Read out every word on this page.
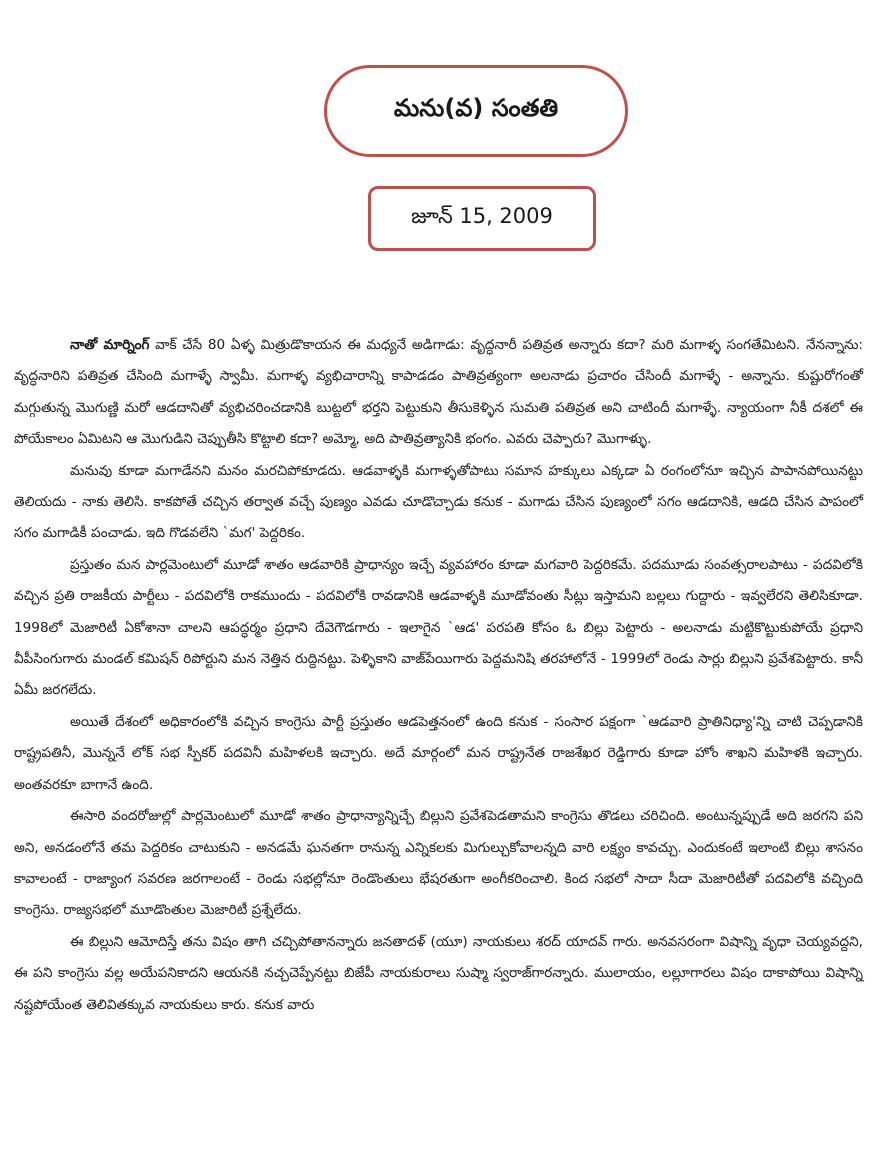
మను(వ) సంతతి
జూన్ 15, 2009

నాతో మార్నింగ్ వాక్ చేసే 80 ఏళ్ళ మిత్రుడొకాయన ఈ మధ్యనే అడిగాడు: వృద్ధనారీ పతివ్రత అన్నారు కదా? మరి మగాళ్ళ సంగతేమిటని. నేనన్నాను: వృద్ధనారిని పతివ్రత చేసింది మగాళ్ళే స్వామీ. మగాళ్ళ వ్యభిచారాన్ని కాపాడడం పాతివ్రత్యంగా అలనాడు ప్రచారం చేసిందీ మగాళ్ళే - అన్నాను. కుష్టురోగంతో మగ్గుతున్న మొగుణ్ణి మరో ఆడదానితో వ్యభిచరించడానికి బుట్టలో భర్తని పెట్టుకుని తీసుకెళ్ళిన సుమతి పతివ్రత అని చాటిందీ మగాళ్ళే. న్యాయంగా నీకీ దశలో ఈ పోయేకాలం ఏమిటని ఆ మొగుడిని చెప్పుతీసి కొట్టాలి కదా? అమ్మో, అది పాతివ్రత్యానికి భంగం. ఎవరు చెప్పారు? మొగాళ్ళు.

మనువు కూడా మగాడేనని మనం మరచిపోకూడదు. ఆడవాళ్ళకి మగాళ్ళతోపాటు సమాన హక్కులు ఎక్కడా ఏ రంగంలోనూ ఇచ్చిన పాపానపోయినట్టు తెలియదు - నాకు తెలిసి. కాకపోతే చచ్చిన తర్వాత వచ్చే పుణ్యం ఎవడు చూడొచ్చాడు కనుక - మగాడు చేసిన పుణ్యంలో సగం ఆడదానికి, ఆడది చేసిన పాపంలో సగం మగాడికీ పంచాడు. ఇది గొడవలేని `మగ' పెద్దరికం.

ప్రస్తుతం మన పార్లమెంటులో మూడో శాతం ఆడవారికి ప్రాధాన్యం ఇచ్చే వ్యవహారం కూడా మగవారి పెద్దరికమే. పదమూడు సంవత్సరాలపాటు - పదవిలోకి వచ్చిన ప్రతి రాజకీయ పార్టీలు - పదవిలోకి రాకముందు - పదవిలోకి రావడానికి ఆడవాళ్ళకి మూడోవంతు సీట్లు ఇస్తామని బల్లలు గుద్దారు - ఇవ్వలేరని తెలిసికూడా. 1998లో మెజారిటీ ఏకోశానా చాలని ఆపద్ధర్మం ప్రధాని దేవెగౌడగారు - ఇలాగైన `ఆడ' పరపతి కోసం ఓ బిల్లు పెట్టారు - అలనాడు మట్టికొట్టుకుపోయే ప్రధాని వీపీసింగుగారు మండల్ కమిషన్ రిపోర్టుని మన నెత్తిన రుద్దినట్టు. పెళ్ళికాని వాజ్‌పేయిగారు పెద్దమనిషి తరహాలోనే - 1999లో రెండు సార్లు బిల్లుని ప్రవేశపెట్టారు. కానీ ఏమీ జరగలేదు.

అయితే దేశంలో అధికారంలోకి వచ్చిన కాంగ్రెసు పార్టీ ప్రస్తుతం ఆడపెత్తనంలో ఉంది కనుక - సంసార పక్షంగా `ఆడవారి ప్రాతినిధ్యా'న్ని చాటి చెప్పడానికి రాష్ట్రపతినీ, మొన్ననే లోక్ సభ స్పీకర్ పదవినీ మహిళలకి ఇచ్చారు. అదే మార్గంలో మన రాష్ట్రనేత రాజశేఖర రెడ్డిగారు కూడా హోం శాఖని మహిళకి ఇచ్చారు. అంతవరకూ బాగానే ఉంది.

ఈసారి వందరోజుల్లో పార్లమెంటులో మూడో శాతం ప్రాధాన్యాన్నిచ్చే బిల్లుని ప్రవేశపెడతామని కాంగ్రెసు తొడలు చరిచింది. అంటున్నప్పుడే అది జరగని పని అని, అనడంలోనే తమ పెద్దరికం చాటుకుని - అనడమే ఘనతగా రానున్న ఎన్నికలకు మిగుల్చుకోవాలన్నది వారి లక్ష్యం కావచ్చు. ఎందుకంటే ఇలాంటి బిల్లు శాసనం కావాలంటే - రాజ్యాంగ సవరణ జరగాలంటే - రెండు సభల్లోనూ రెండొంతులు భేషరతుగా అంగీకరించాలి. కింద సభలో సాదా సీదా మెజారిటీతో పదవిలోకి వచ్చింది కాంగ్రెసు. రాజ్యసభలో మూడొంతుల మెజారిటీ ప్రశ్నేలేదు.

ఈ బిల్లుని ఆమోదిస్తే తను విషం తాగి చచ్చిపోతానన్నారు జనతాదళ్ (యూ) నాయకులు శరద్ యాదవ్ గారు. అనవసరంగా విషాన్ని వృధా చెయ్యవద్దని, ఈ పని కాంగ్రెసు వల్ల అయేపనికాదని ఆయనకి నచ్చచెప్పేనట్టు బిజేపీ నాయకురాలు సుష్మా స్వరాజ్‌గారన్నారు. ములాయం, లల్లూగారలు విషం దాకాపోయి విషాన్ని నష్టపోయేంత తెలివితక్కువ నాయకులు కారు. కనుక వారు
